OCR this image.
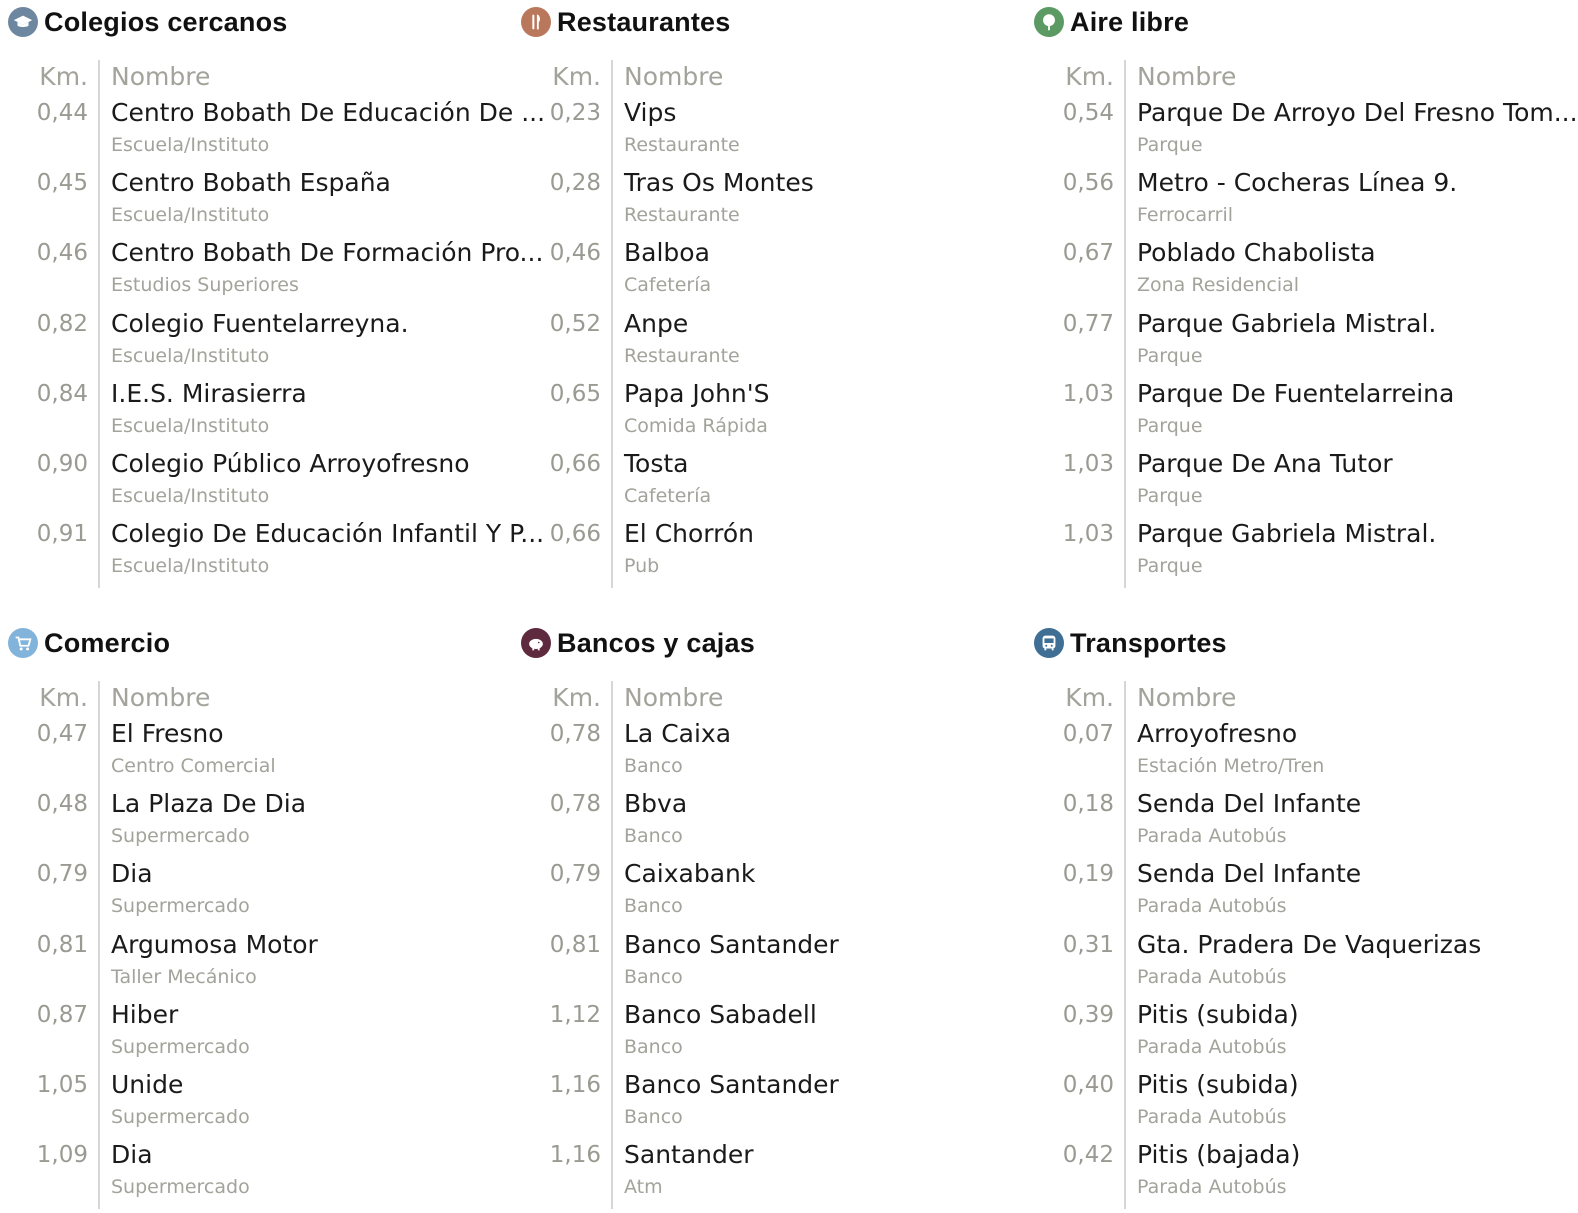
Colegios cercanos
Km. Nombre
0,44 Centro Bobath De Educación De ...
Escuela/Instituto
0,45 Centro Bobath España
Escuela/Instituto
0,46 Centro Bobath De Formación Pro...
Estudios Superiores
0,82 Colegio Fuentelarreyna.
Escuela/Instituto
0,84 I.E.S. Mirasierra
Escuela/Instituto
0,90 Colegio Público Arroyofresno
Escuela/Instituto
0,91 Colegio De Educación Infantil Y P...
Escuela/Instituto
Restaurantes
Km. Nombre
0,23 Vips
Restaurante
0,28 Tras Os Montes
Restaurante
0,46 Balboa
Cafetería
0,52 Anpe
Restaurante
0,65 Papa John'S
Comida Rápida
0,66 Tosta
Cafetería
0,66 El Chorrón
Pub
Aire libre
Km. Nombre
0,54 Parque De Arroyo Del Fresno Tom...
Parque
0,56 Metro - Cocheras Línea 9.
Ferrocarril
0,67 Poblado Chabolista
Zona Residencial
0,77 Parque Gabriela Mistral.
Parque
1,03 Parque De Fuentelarreina
Parque
1,03 Parque De Ana Tutor
Parque
1,03 Parque Gabriela Mistral.
Parque
Comercio
Km. Nombre
0,47 El Fresno
Centro Comercial
0,48 La Plaza De Dia
Supermercado
0,79 Dia
Supermercado
0,81 Argumosa Motor
Taller Mecánico
0,87 Hiber
Supermercado
1,05 Unide
Supermercado
1,09 Dia
Supermercado
Bancos y cajas
Km. Nombre
0,78 La Caixa
Banco
0,78 Bbva
Banco
0,79 Caixabank
Banco
0,81 Banco Santander
Banco
1,12 Banco Sabadell
Banco
1,16 Banco Santander
Banco
1,16 Santander
Atm
Transportes
Km. Nombre
0,07 Arroyofresno
Estación Metro/Tren
0,18 Senda Del Infante
Parada Autobús
0,19 Senda Del Infante
Parada Autobús
0,31 Gta. Pradera De Vaquerizas
Parada Autobús
0,39 Pitis (subida)
Parada Autobús
0,40 Pitis (subida)
Parada Autobús
0,42 Pitis (bajada)
Parada Autobús
